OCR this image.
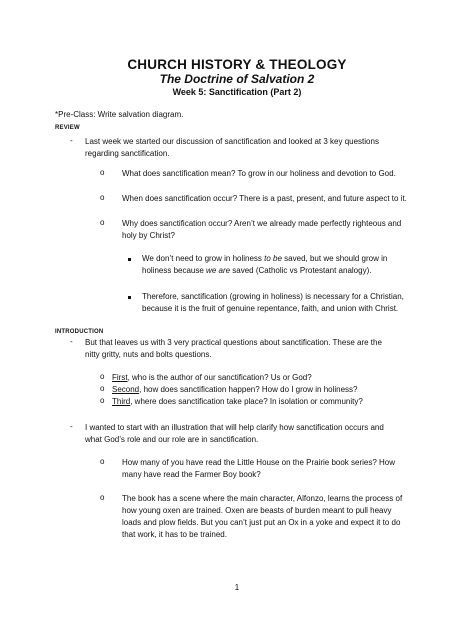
CHURCH HISTORY & THEOLOGY
The Doctrine of Salvation 2
Week 5: Sanctification (Part 2)
*Pre-Class: Write salvation diagram.
REVIEW
- Last week we started our discussion of sanctification and looked at 3 key questions
regarding sanctification.
o What does sanctification mean? To grow in our holiness and devotion to God.
o When does sanctification occur? There is a past, present, and future aspect to it.
o Why does sanctification occur? Aren’t we already made perfectly righteous and
holy by Christ?
We don’t need to grow in holiness to be saved, but we should grow in
holiness because we are saved (Catholic vs Protestant analogy).
Therefore, sanctification (growing in holiness) is necessary for a Christian,
because it is the fruit of genuine repentance, faith, and union with Christ.
INTRODUCTION
- But that leaves us with 3 very practical questions about sanctification. These are the
nitty gritty, nuts and bolts questions.
o First, who is the author of our sanctification? Us or God?
o Second, how does sanctification happen? How do I grow in holiness?
o Third, where does sanctification take place? In isolation or community?
- I wanted to start with an illustration that will help clarify how sanctification occurs and
what God’s role and our role are in sanctification.
o How many of you have read the Little House on the Prairie book series? How
many have read the Farmer Boy book?
o The book has a scene where the main character, Alfonzo, learns the process of
how young oxen are trained. Oxen are beasts of burden meant to pull heavy
loads and plow fields. But you can’t just put an Ox in a yoke and expect it to do
that work, it has to be trained.
1
